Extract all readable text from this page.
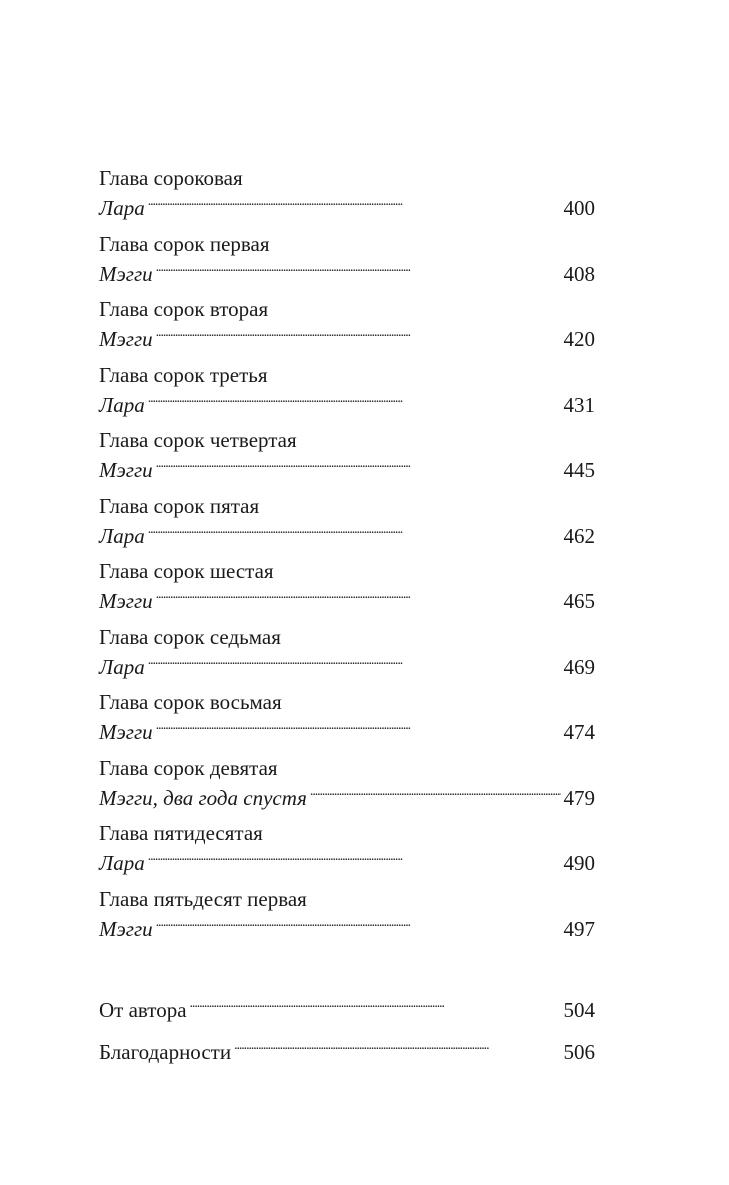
Глава сороковая
Лара . . .	400
Глава сорок первая
Мэгги . . .	408
Глава сорок вторая
Мэгги . . .	420
Глава сорок третья
Лара . . .	431
Глава сорок четвертая
Мэгги . . .	445
Глава сорок пятая
Лара . . .	462
Глава сорок шестая
Мэгги . . .	465
Глава сорок седьмая
Лара . . .	469
Глава сорок восьмая
Мэгги . . .	474
Глава сорок девятая
Мэгги, два года спустя . . .	479
Глава пятидесятая
Лара . . .	490
Глава пятьдесят первая
Мэгги . . .	497
От автора . . .	504
Благодарности . . .	506
